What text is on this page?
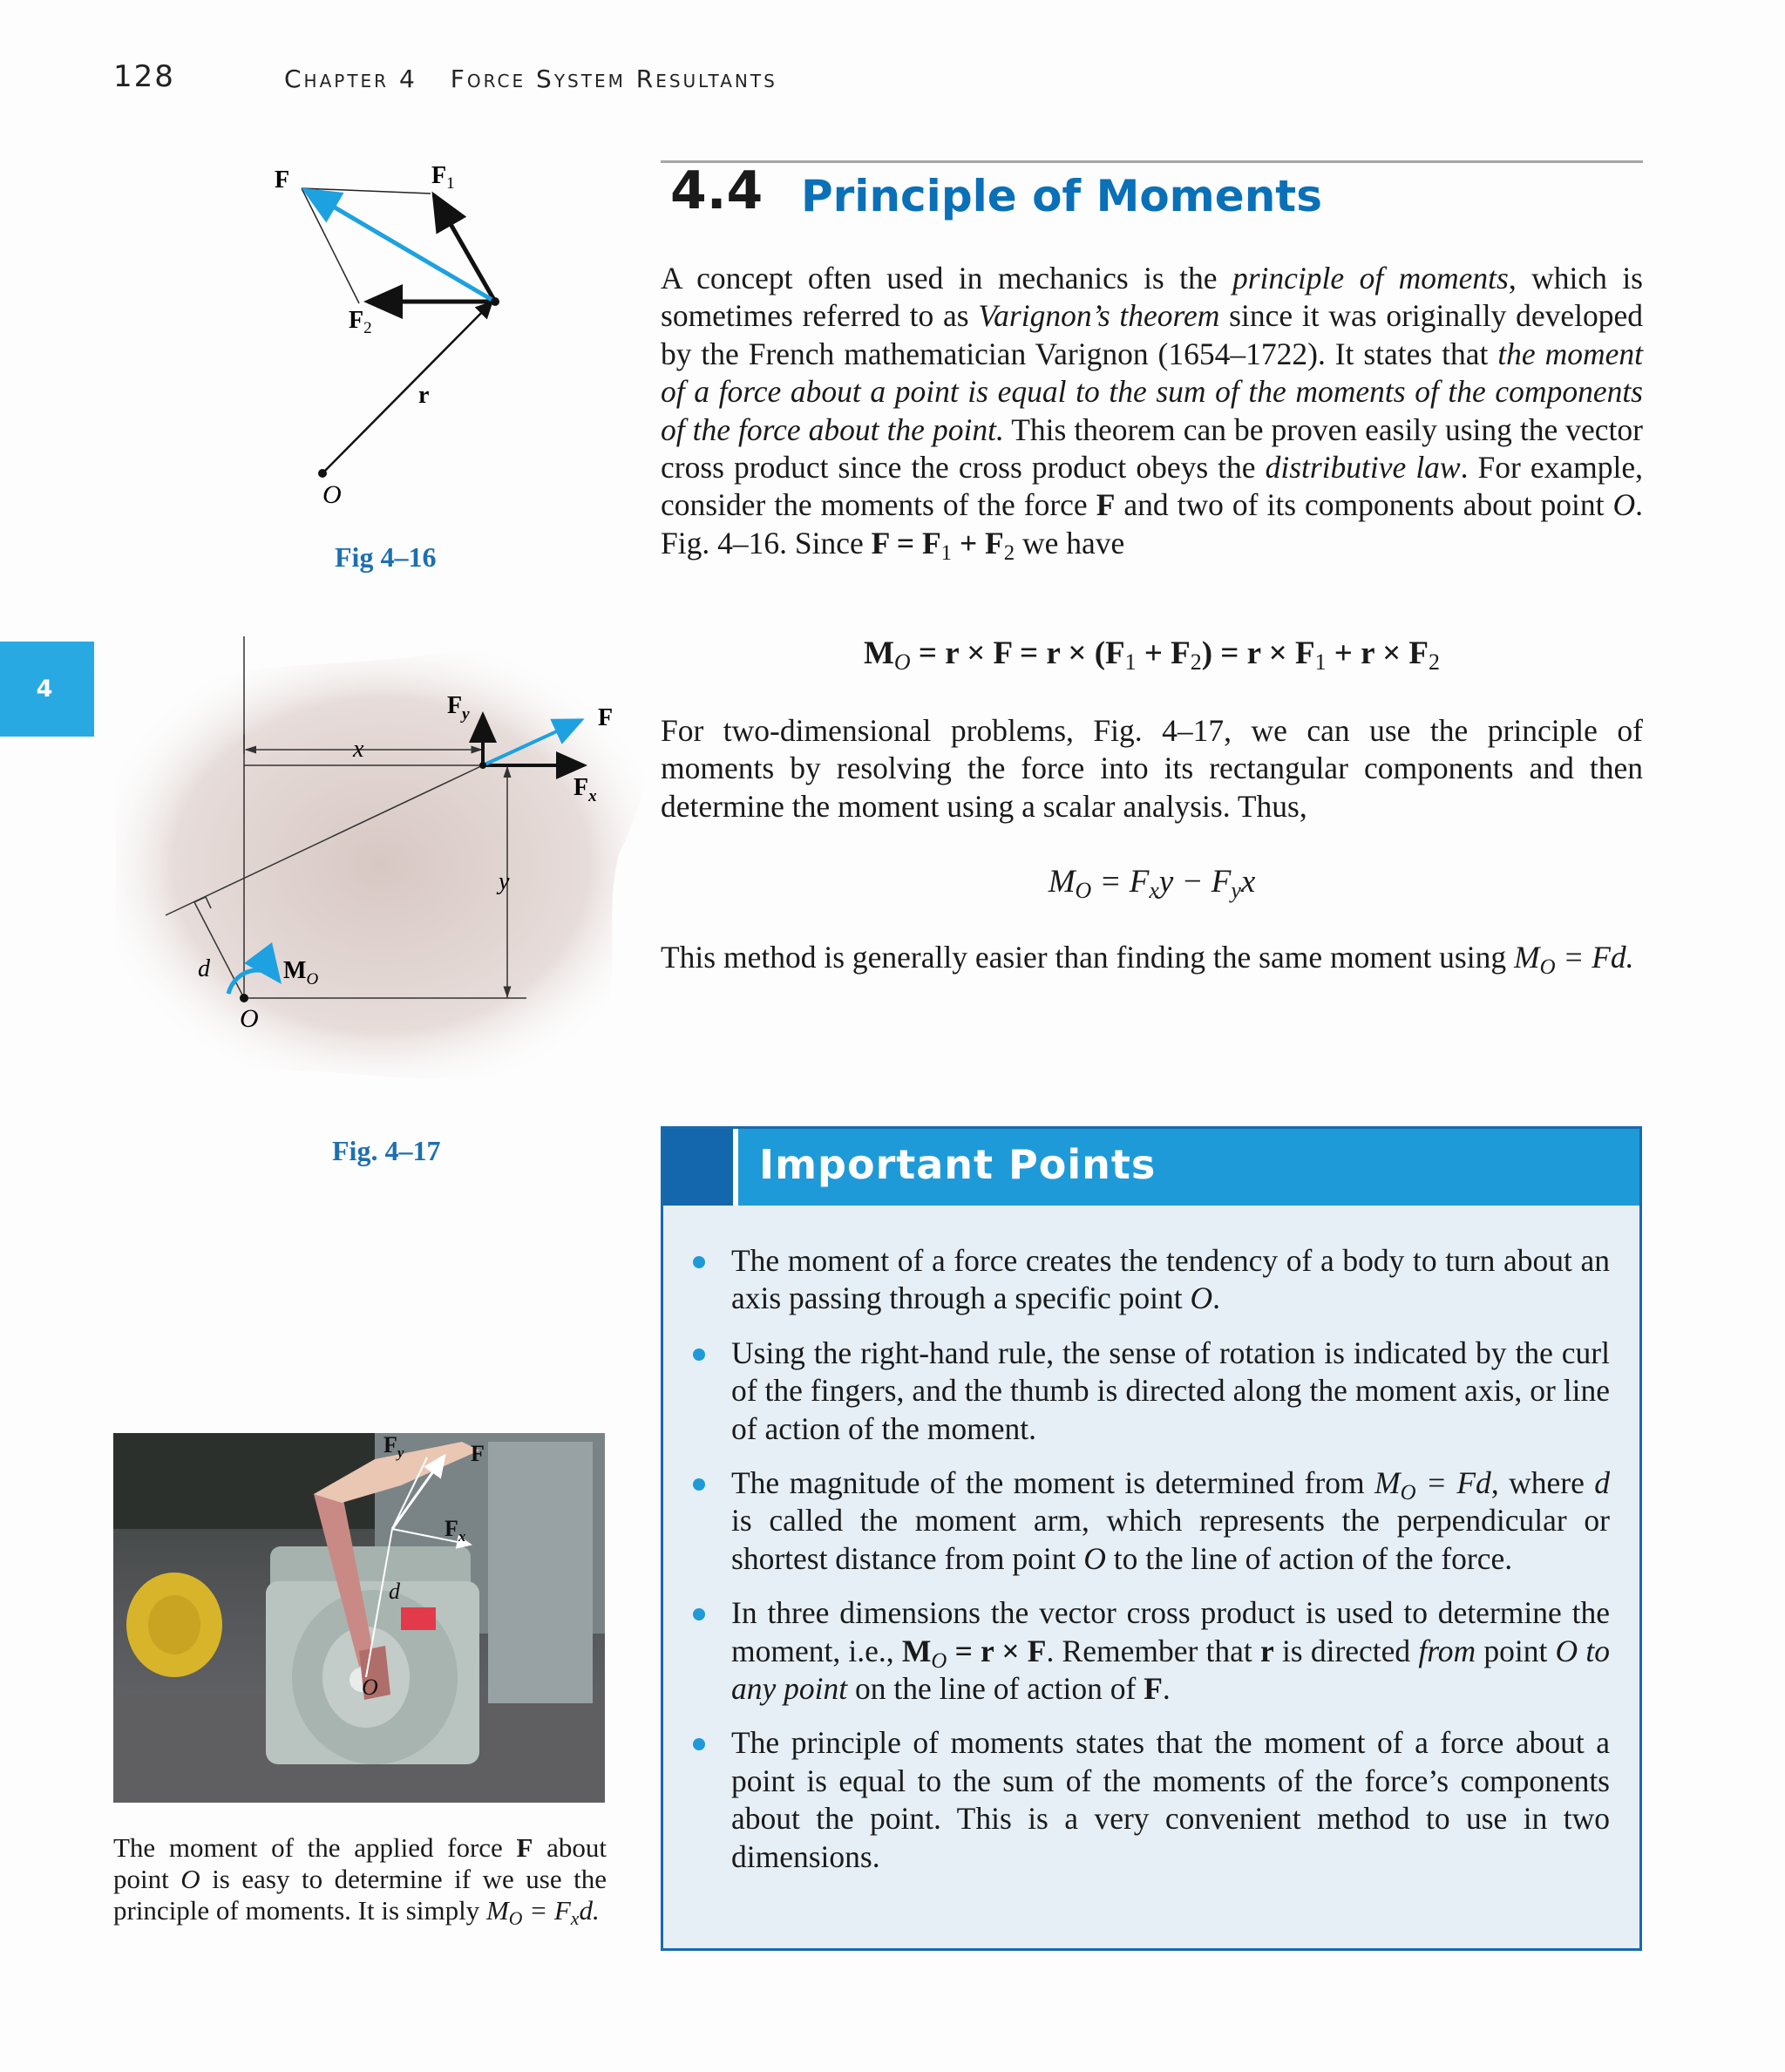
128	Chapter 4 Force System Resultants
4
4.4 Principle of Moments
A concept often used in mechanics is the principle of moments, which is sometimes referred to as Varignon’s theorem since it was originally developed by the French mathematician Varignon (1654–1722). It states that the moment of a force about a point is equal to the sum of the moments of the components of the force about the point. This theorem can be proven easily using the vector cross product since the cross product obeys the distributive law. For example, consider the moments of the force F and two of its components about point O. Fig. 4–16. Since $F = F_1 + F_2$ we have
$M_O = r \times F = r \times (F_1 + F_2) = r \times F_1 + r \times F_2$
For two-dimensional problems, Fig. 4–17, we can use the principle of moments by resolving the force into its rectangular components and then determine the moment using a scalar analysis. Thus,
$M_O = F_xy - F_yx$
This method is generally easier than finding the same moment using $M_O = Fd$.
F	$F_1$
$F_2$
r
O
Fig 4–16
$F_y$	F
$F_x$
x
y
d	$M_O$
O
Fig. 4–17
$F_y$	F
$F_x$
d
O
The moment of the applied force F about point O is easy to determine if we use the principle of moments. It is simply $M_O = F_xd$.
Important Points
The moment of a force creates the tendency of a body to turn about an axis passing through a specific point O.
Using the right-hand rule, the sense of rotation is indicated by the curl of the fingers, and the thumb is directed along the moment axis, or line of action of the moment.
The magnitude of the moment is determined from $M_O = Fd$, where d is called the moment arm, which represents the perpendicular or shortest distance from point O to the line of action of the force.
In three dimensions the vector cross product is used to determine the moment, i.e., $M_O = r \times F$. Remember that r is directed from point O to any point on the line of action of F.
The principle of moments states that the moment of a force about a point is equal to the sum of the moments of the force’s components about the point. This is a very convenient method to use in two dimensions.
